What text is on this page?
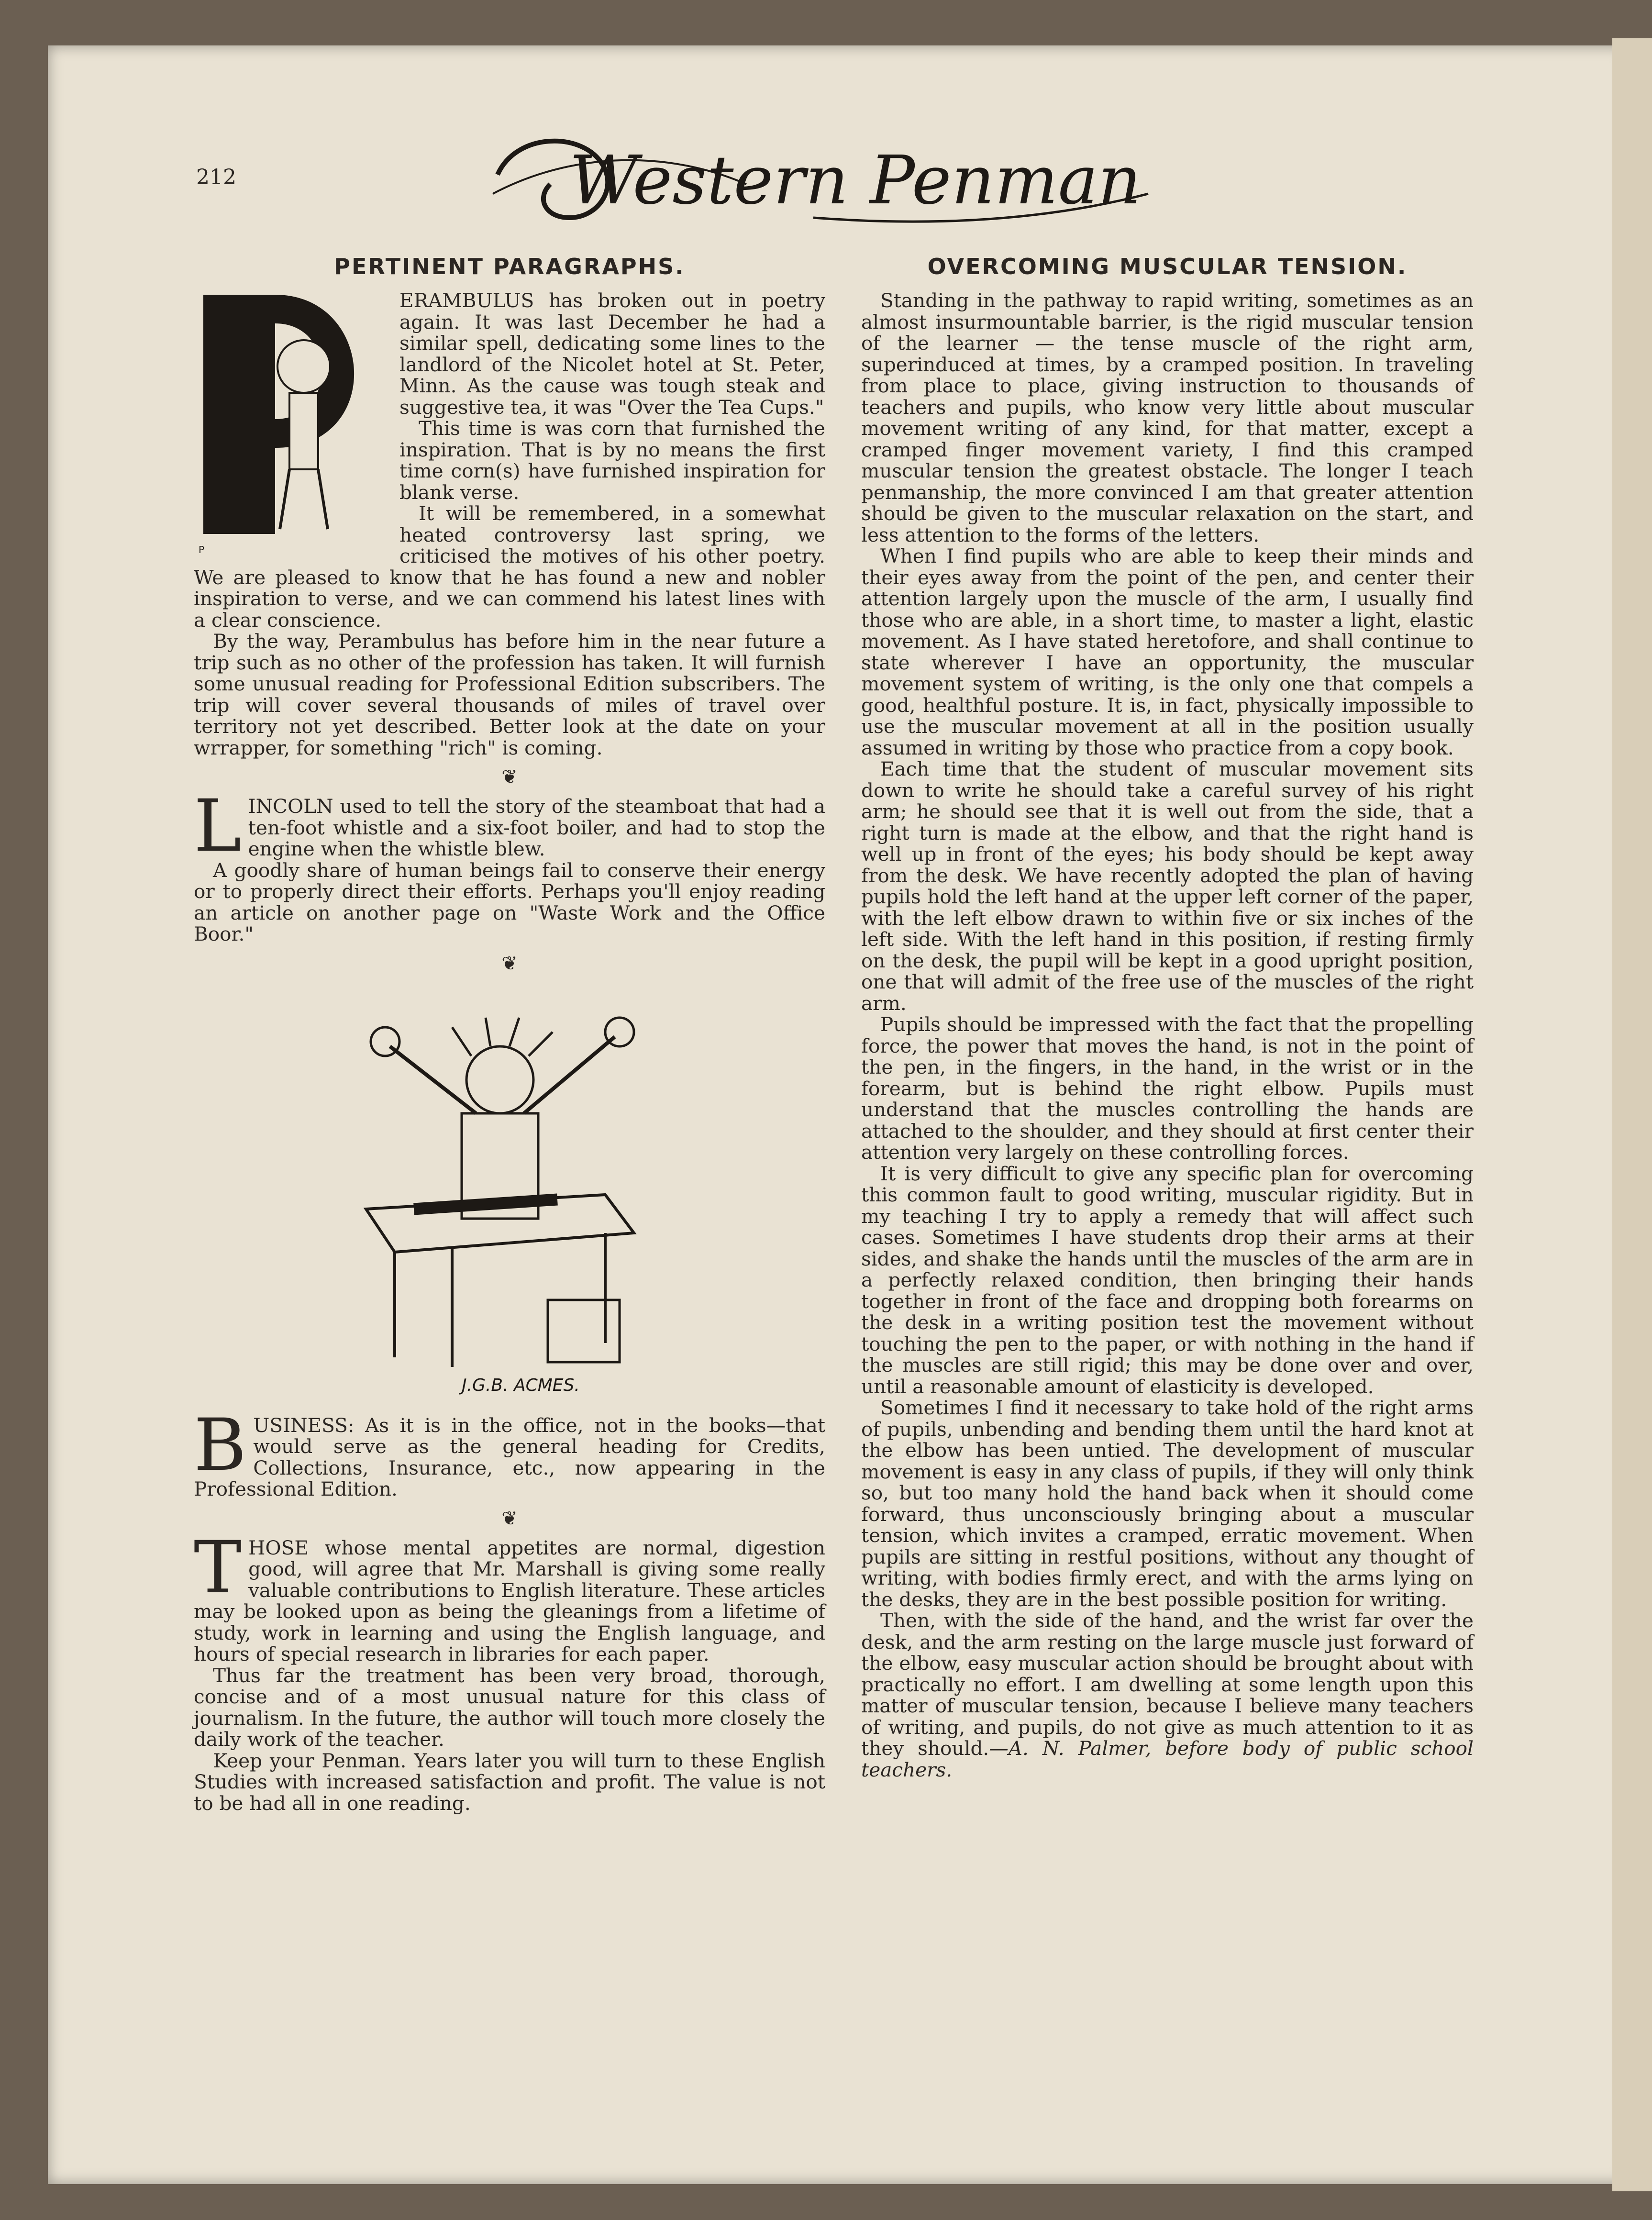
212	Western Penman
PERTINENT PARAGRAPHS.
P

ERAMBULUS has broken out in poetry again. It was last December he had a similar spell, dedicating some lines to the landlord of the Nicolet hotel at St. Peter, Minn. As the cause was tough steak and suggestive tea, it was "Over the Tea Cups."

This time is was corn that furnished the inspiration. That is by no means the first time corn(s) have furnished inspiration for blank verse.

It will be remembered, in a somewhat heated controversy last spring, we criticised the motives of his other poetry. We are pleased to know that he has found a new and nobler inspiration to verse, and we can commend his latest lines with a clear conscience.

By the way, Perambulus has before him in the near future a trip such as no other of the profession has taken. It will furnish some unusual reading for Professional Edition subscribers. The trip will cover several thousands of miles of travel over territory not yet described. Better look at the date on your wrrapper, for something "rich" is coming.

❦

LINCOLN used to tell the story of the steamboat that had a ten-foot whistle and a six-foot boiler, and had to stop the engine when the whistle blew.

A goodly share of human beings fail to conserve their energy or to properly direct their efforts. Perhaps you'll enjoy reading an article on another page on "Waste Work and the Office Boor."

❦
J.G.B. ACMES.

BUSINESS: As it is in the office, not in the books—that would serve as the general heading for Credits, Collections, Insurance, etc., now appearing in the Professional Edition.

❦

THOSE whose mental appetites are normal, digestion good, will agree that Mr. Marshall is giving some really valuable contributions to English literature. These articles may be looked upon as being the gleanings from a lifetime of study, work in learning and using the English language, and hours of special research in libraries for each paper.

Thus far the treatment has been very broad, thorough, concise and of a most unusual nature for this class of journalism. In the future, the author will touch more closely the daily work of the teacher.

Keep your Penman. Years later you will turn to these English Studies with increased satisfaction and profit. The value is not to be had all in one reading.

OVERCOMING MUSCULAR TENSION.

Standing in the pathway to rapid writing, sometimes as an almost insurmountable barrier, is the rigid muscular tension of the learner — the tense muscle of the right arm, superinduced at times, by a cramped position. In traveling from place to place, giving instruction to thousands of teachers and pupils, who know very little about muscular movement writing of any kind, for that matter, except a cramped finger movement variety, I find this cramped muscular tension the greatest obstacle. The longer I teach penmanship, the more convinced I am that greater attention should be given to the muscular relaxation on the start, and less attention to the forms of the letters.

When I find pupils who are able to keep their minds and their eyes away from the point of the pen, and center their attention largely upon the muscle of the arm, I usually find those who are able, in a short time, to master a light, elastic movement. As I have stated heretofore, and shall continue to state wherever I have an opportunity, the muscular movement system of writing, is the only one that compels a good, healthful posture. It is, in fact, physically impossible to use the muscular movement at all in the position usually assumed in writing by those who practice from a copy book.

Each time that the student of muscular movement sits down to write he should take a careful survey of his right arm; he should see that it is well out from the side, that a right turn is made at the elbow, and that the right hand is well up in front of the eyes; his body should be kept away from the desk. We have recently adopted the plan of having pupils hold the left hand at the upper left corner of the paper, with the left elbow drawn to within five or six inches of the left side. With the left hand in this position, if resting firmly on the desk, the pupil will be kept in a good upright position, one that will admit of the free use of the muscles of the right arm.

Pupils should be impressed with the fact that the propelling force, the power that moves the hand, is not in the point of the pen, in the fingers, in the hand, in the wrist or in the forearm, but is behind the right elbow. Pupils must understand that the muscles controlling the hands are attached to the shoulder, and they should at first center their attention very largely on these controlling forces.

It is very difficult to give any specific plan for overcoming this common fault to good writing, muscular rigidity. But in my teaching I try to apply a remedy that will affect such cases. Sometimes I have students drop their arms at their sides, and shake the hands until the muscles of the arm are in a perfectly relaxed condition, then bringing their hands together in front of the face and dropping both forearms on the desk in a writing position test the movement without touching the pen to the paper, or with nothing in the hand if the muscles are still rigid; this may be done over and over, until a reasonable amount of elasticity is developed.

Sometimes I find it necessary to take hold of the right arms of pupils, unbending and bending them until the hard knot at the elbow has been untied. The development of muscular movement is easy in any class of pupils, if they will only think so, but too many hold the hand back when it should come forward, thus unconsciously bringing about a muscular tension, which invites a cramped, erratic movement. When pupils are sitting in restful positions, without any thought of writing, with bodies firmly erect, and with the arms lying on the desks, they are in the best possible position for writing.

Then, with the side of the hand, and the wrist far over the desk, and the arm resting on the large muscle just forward of the elbow, easy muscular action should be brought about with practically no effort. I am dwelling at some length upon this matter of muscular tension, because I believe many teachers of writing, and pupils, do not give as much attention to it as they should.—A. N. Palmer, before body of public school teachers.
